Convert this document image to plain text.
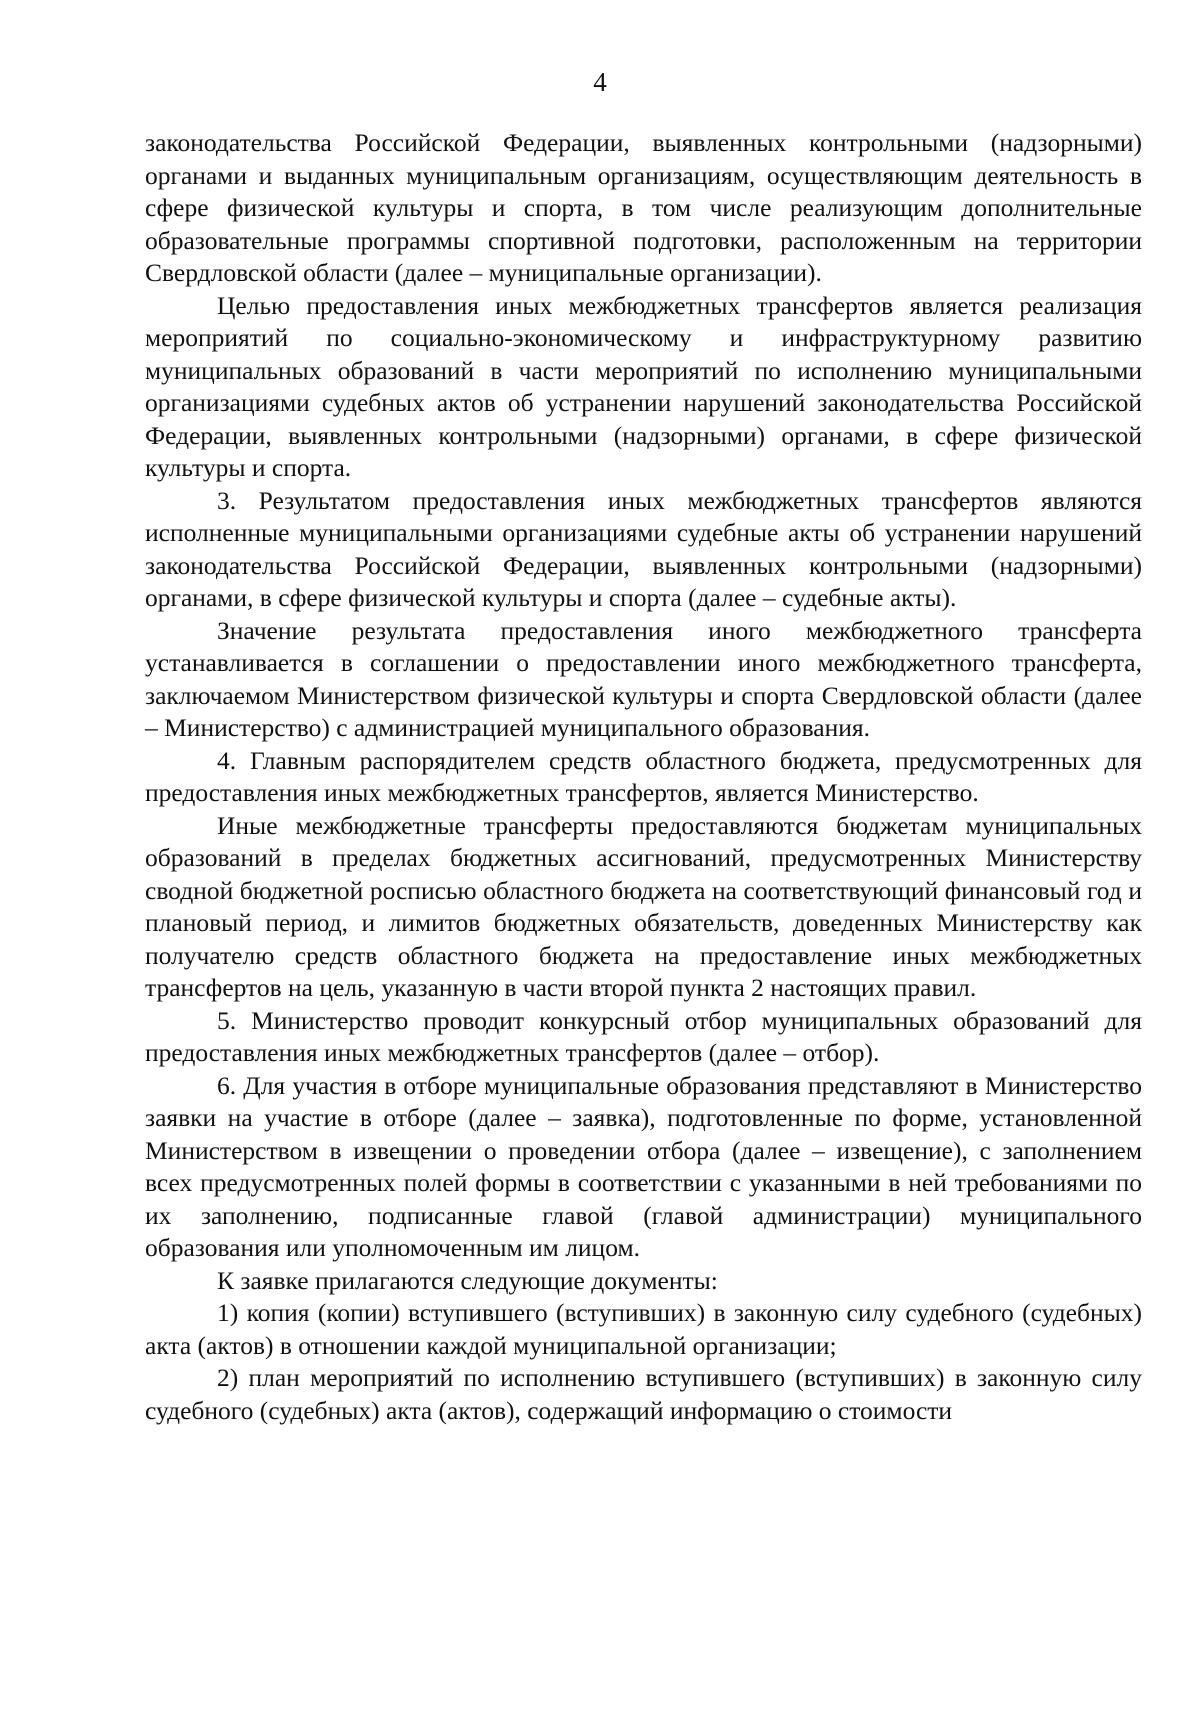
4

законодательства Российской Федерации, выявленных контрольными (надзорными) органами и выданных муниципальным организациям, осуществляющим деятельность в сфере физической культуры и спорта, в том числе реализующим дополнительные образовательные программы спортивной подготовки, расположенным на территории Свердловской области (далее – муниципальные организации).

Целью предоставления иных межбюджетных трансфертов является реализация мероприятий по социально-экономическому и инфраструктурному развитию муниципальных образований в части мероприятий по исполнению муниципальными организациями судебных актов об устранении нарушений законодательства Российской Федерации, выявленных контрольными (надзорными) органами, в сфере физической культуры и спорта.

3. Результатом предоставления иных межбюджетных трансфертов являются исполненные муниципальными организациями судебные акты об устранении нарушений законодательства Российской Федерации, выявленных контрольными (надзорными) органами, в сфере физической культуры и спорта (далее – судебные акты).

Значение результата предоставления иного межбюджетного трансферта устанавливается в соглашении о предоставлении иного межбюджетного трансферта, заключаемом Министерством физической культуры и спорта Свердловской области (далее – Министерство) с администрацией муниципального образования.

4. Главным распорядителем средств областного бюджета, предусмотренных для предоставления иных межбюджетных трансфертов, является Министерство.

Иные межбюджетные трансферты предоставляются бюджетам муниципальных образований в пределах бюджетных ассигнований, предусмотренных Министерству сводной бюджетной росписью областного бюджета на соответствующий финансовый год и плановый период, и лимитов бюджетных обязательств, доведенных Министерству как получателю средств областного бюджета на предоставление иных межбюджетных трансфертов на цель, указанную в части второй пункта 2 настоящих правил.

5. Министерство проводит конкурсный отбор муниципальных образований для предоставления иных межбюджетных трансфертов (далее – отбор).

6. Для участия в отборе муниципальные образования представляют в Министерство заявки на участие в отборе (далее – заявка), подготовленные по форме, установленной Министерством в извещении о проведении отбора (далее – извещение), с заполнением всех предусмотренных полей формы в соответствии с указанными в ней требованиями по их заполнению, подписанные главой (главой администрации) муниципального образования или уполномоченным им лицом.

К заявке прилагаются следующие документы:

1) копия (копии) вступившего (вступивших) в законную силу судебного (судебных) акта (актов) в отношении каждой муниципальной организации;

2) план мероприятий по исполнению вступившего (вступивших) в законную силу судебного (судебных) акта (актов), содержащий информацию о стоимости
